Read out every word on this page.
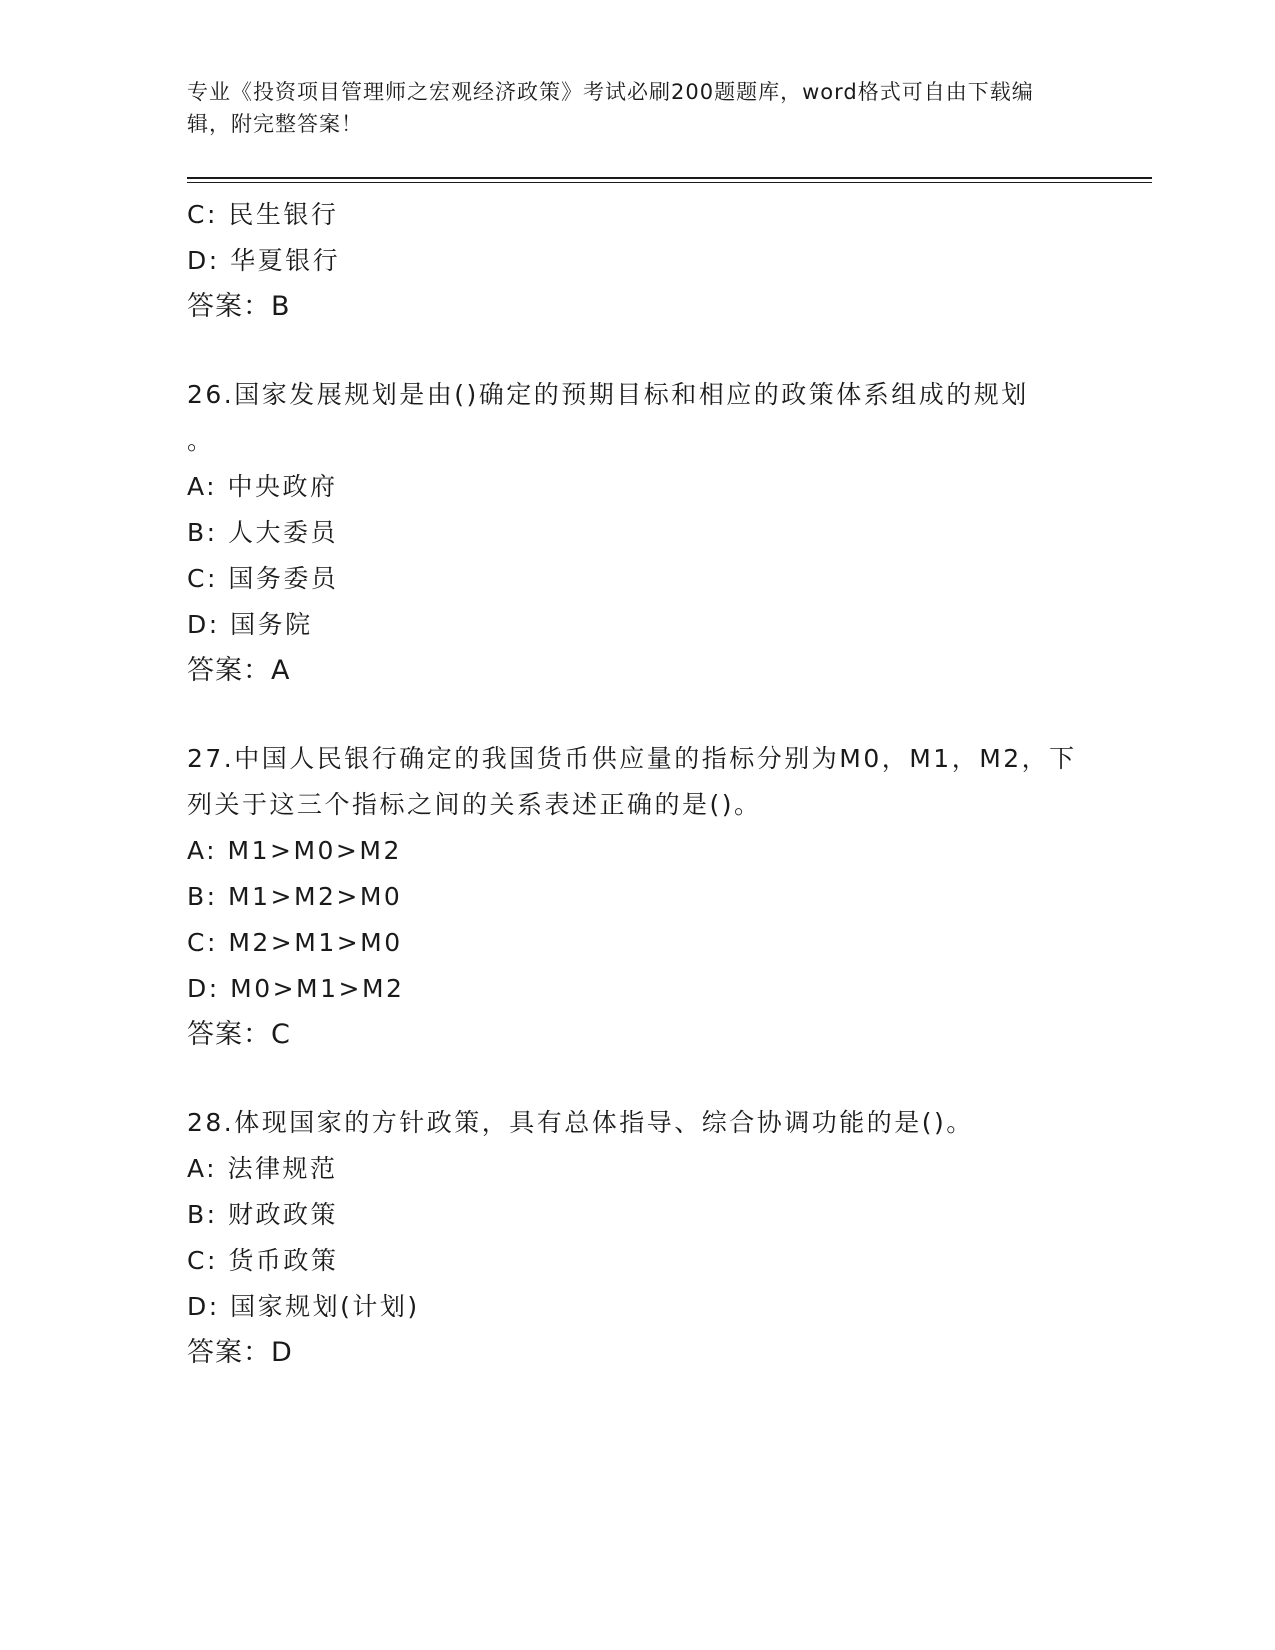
专业《投资项目管理师之宏观经济政策》考试必刷200题题库，word格式可自由下载编辑，附完整答案！
C: 民生银行
D: 华夏银行
答案：B
26.国家发展规划是由()确定的预期目标和相应的政策体系组成的规划
。
A: 中央政府
B: 人大委员
C: 国务委员
D: 国务院
答案：A
27.中国人民银行确定的我国货币供应量的指标分别为M0，M1，M2，下
列关于这三个指标之间的关系表述正确的是()。
A: M1>M0>M2
B: M1>M2>M0
C: M2>M1>M0
D: M0>M1>M2
答案：C
28.体现国家的方针政策，具有总体指导、综合协调功能的是()。
A: 法律规范
B: 财政政策
C: 货币政策
D: 国家规划(计划)
答案：D
